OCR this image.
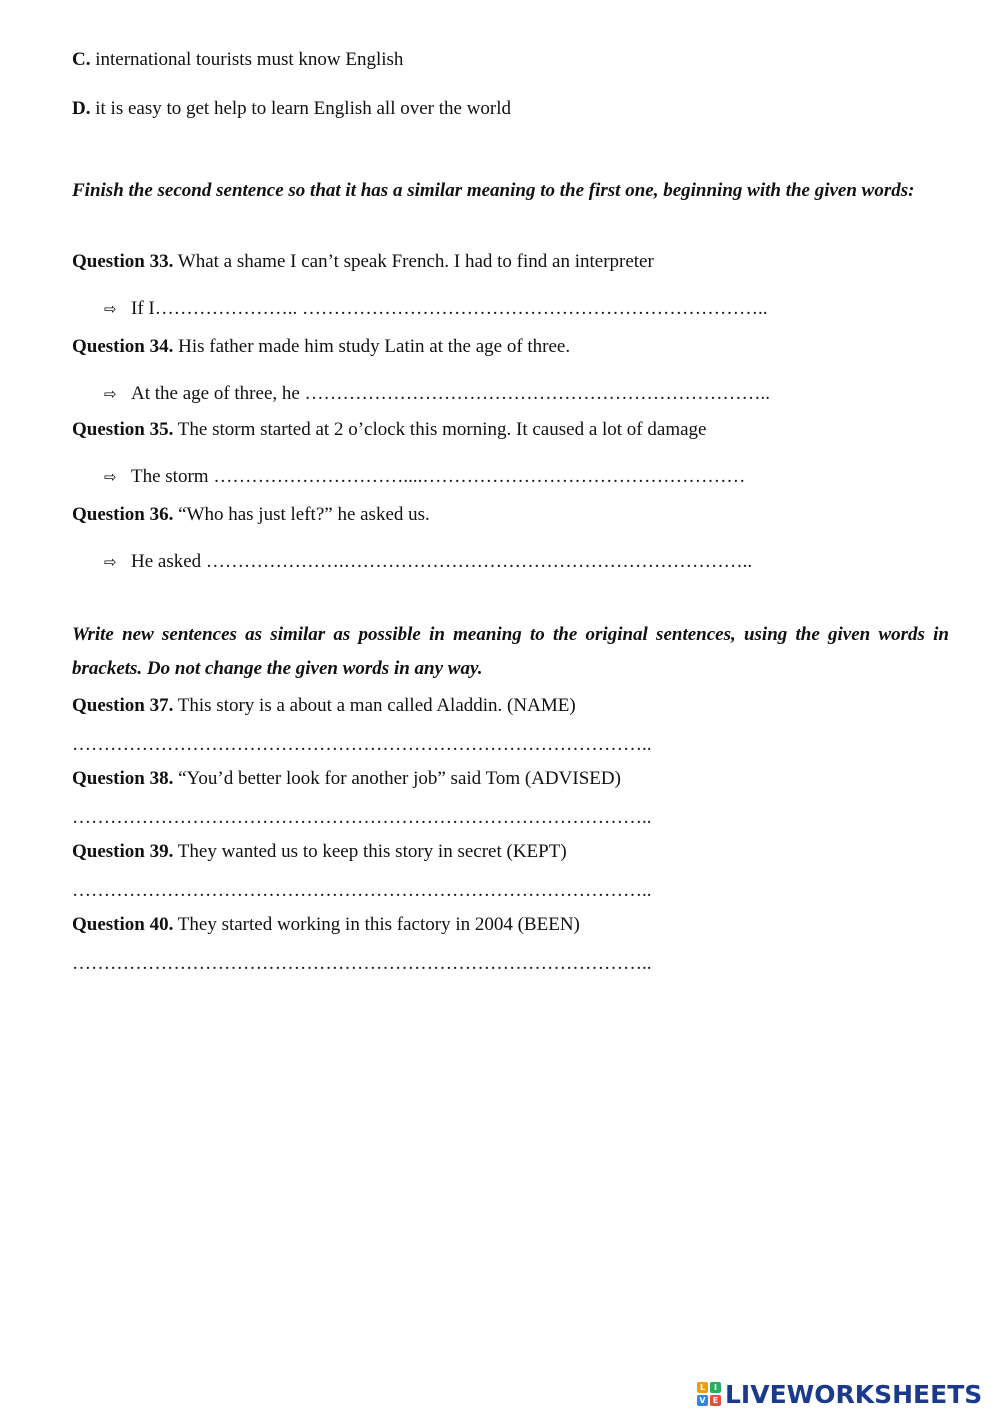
C. international tourists must know English
D. it is easy to get help to learn English all over the world
Finish the second sentence so that it has a similar meaning to the first one, beginning with the given words:
Question 33. What a shame I can’t speak French. I had to find an interpreter
⇨ If I………………….. ………………………………………………………………..
Question 34. His father made him study Latin at the age of three.
⇨ At the age of three, he ………………………………………………………………..
Question 35. The storm started at 2 o’clock this morning. It caused a lot of damage
⇨ The storm …………………………....……………………………………………
Question 36. “Who has just left?” he asked us.
⇨ He asked ………………….………………………………………………………..
Write new sentences as similar as possible in meaning to the original sentences, using the given words in brackets. Do not change the given words in any way.
Question 37. This story is a about a man called Aladdin. (NAME)
………………………………………………………………………………..
Question 38. “You’d better look for another job” said Tom (ADVISED)
………………………………………………………………………………..
Question 39. They wanted us to keep this story in secret (KEPT)
………………………………………………………………………………..
Question 40. They started working in this factory in 2004 (BEEN)
………………………………………………………………………………..
L	I
V E LIVEWORKSHEETS
